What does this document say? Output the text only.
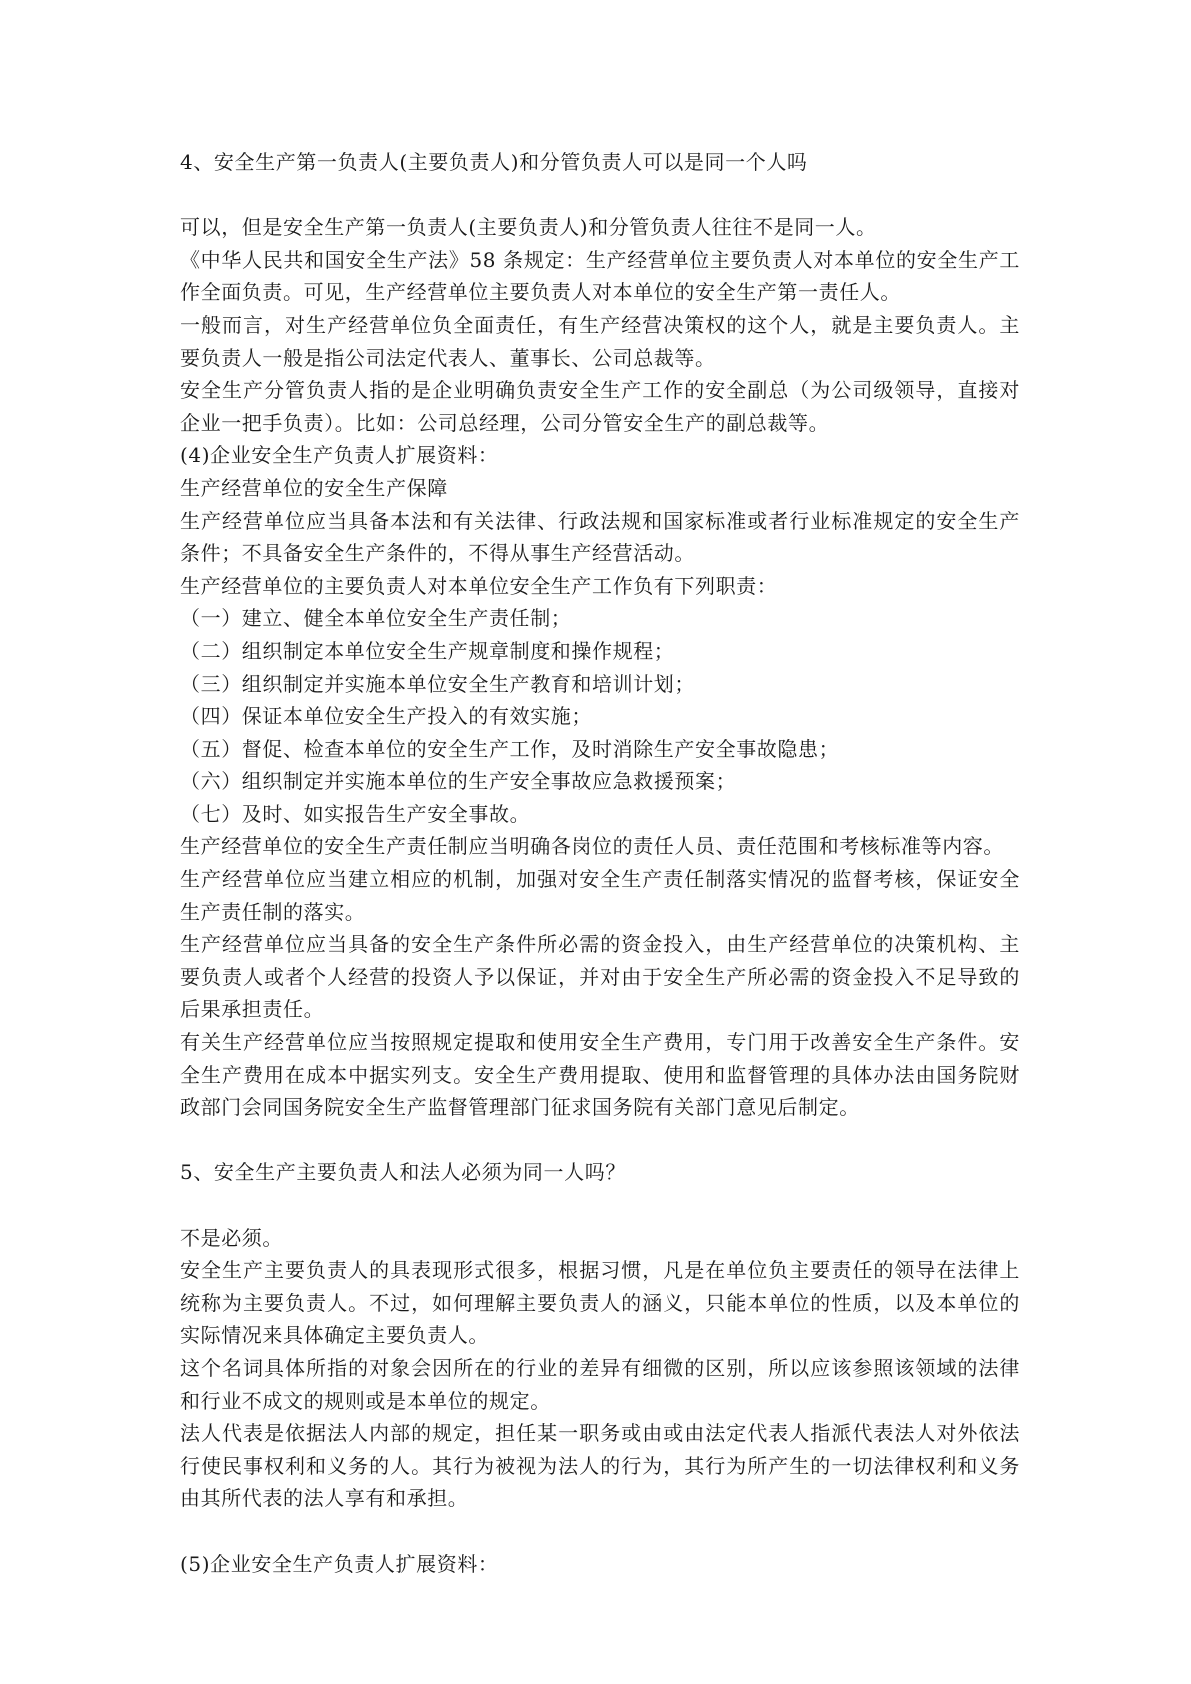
4、安全生产第一负责人(主要负责人)和分管负责人可以是同一个人吗

可以，但是安全生产第一负责人(主要负责人)和分管负责人往往不是同一人。

《中华人民共和国安全生产法》58 条规定：生产经营单位主要负责人对本单位的安全生产工作全面负责。可见，生产经营单位主要负责人对本单位的安全生产第一责任人。

一般而言，对生产经营单位负全面责任，有生产经营决策权的这个人，就是主要负责人。主要负责人一般是指公司法定代表人、董事长、公司总裁等。

安全生产分管负责人指的是企业明确负责安全生产工作的安全副总（为公司级领导，直接对企业一把手负责）。比如：公司总经理，公司分管安全生产的副总裁等。

(4)企业安全生产负责人扩展资料：

生产经营单位的安全生产保障

生产经营单位应当具备本法和有关法律、行政法规和国家标准或者行业标准规定的安全生产条件；不具备安全生产条件的，不得从事生产经营活动。

生产经营单位的主要负责人对本单位安全生产工作负有下列职责：

（一）建立、健全本单位安全生产责任制；

（二）组织制定本单位安全生产规章制度和操作规程；

（三）组织制定并实施本单位安全生产教育和培训计划；

（四）保证本单位安全生产投入的有效实施；

（五）督促、检查本单位的安全生产工作，及时消除生产安全事故隐患；

（六）组织制定并实施本单位的生产安全事故应急救援预案；

（七）及时、如实报告生产安全事故。

生产经营单位的安全生产责任制应当明确各岗位的责任人员、责任范围和考核标准等内容。

生产经营单位应当建立相应的机制，加强对安全生产责任制落实情况的监督考核，保证安全生产责任制的落实。

生产经营单位应当具备的安全生产条件所必需的资金投入，由生产经营单位的决策机构、主要负责人或者个人经营的投资人予以保证，并对由于安全生产所必需的资金投入不足导致的后果承担责任。

有关生产经营单位应当按照规定提取和使用安全生产费用，专门用于改善安全生产条件。安全生产费用在成本中据实列支。安全生产费用提取、使用和监督管理的具体办法由国务院财政部门会同国务院安全生产监督管理部门征求国务院有关部门意见后制定。

5、安全生产主要负责人和法人必须为同一人吗？

不是必须。

安全生产主要负责人的具表现形式很多，根据习惯，凡是在单位负主要责任的领导在法律上统称为主要负责人。不过，如何理解主要负责人的涵义，只能本单位的性质，以及本单位的实际情况来具体确定主要负责人。

这个名词具体所指的对象会因所在的行业的差异有细微的区别，所以应该参照该领域的法律和行业不成文的规则或是本单位的规定。

法人代表是依据法人内部的规定，担任某一职务或由或由法定代表人指派代表法人对外依法行使民事权利和义务的人。其行为被视为法人的行为，其行为所产生的一切法律权利和义务由其所代表的法人享有和承担。

(5)企业安全生产负责人扩展资料：
